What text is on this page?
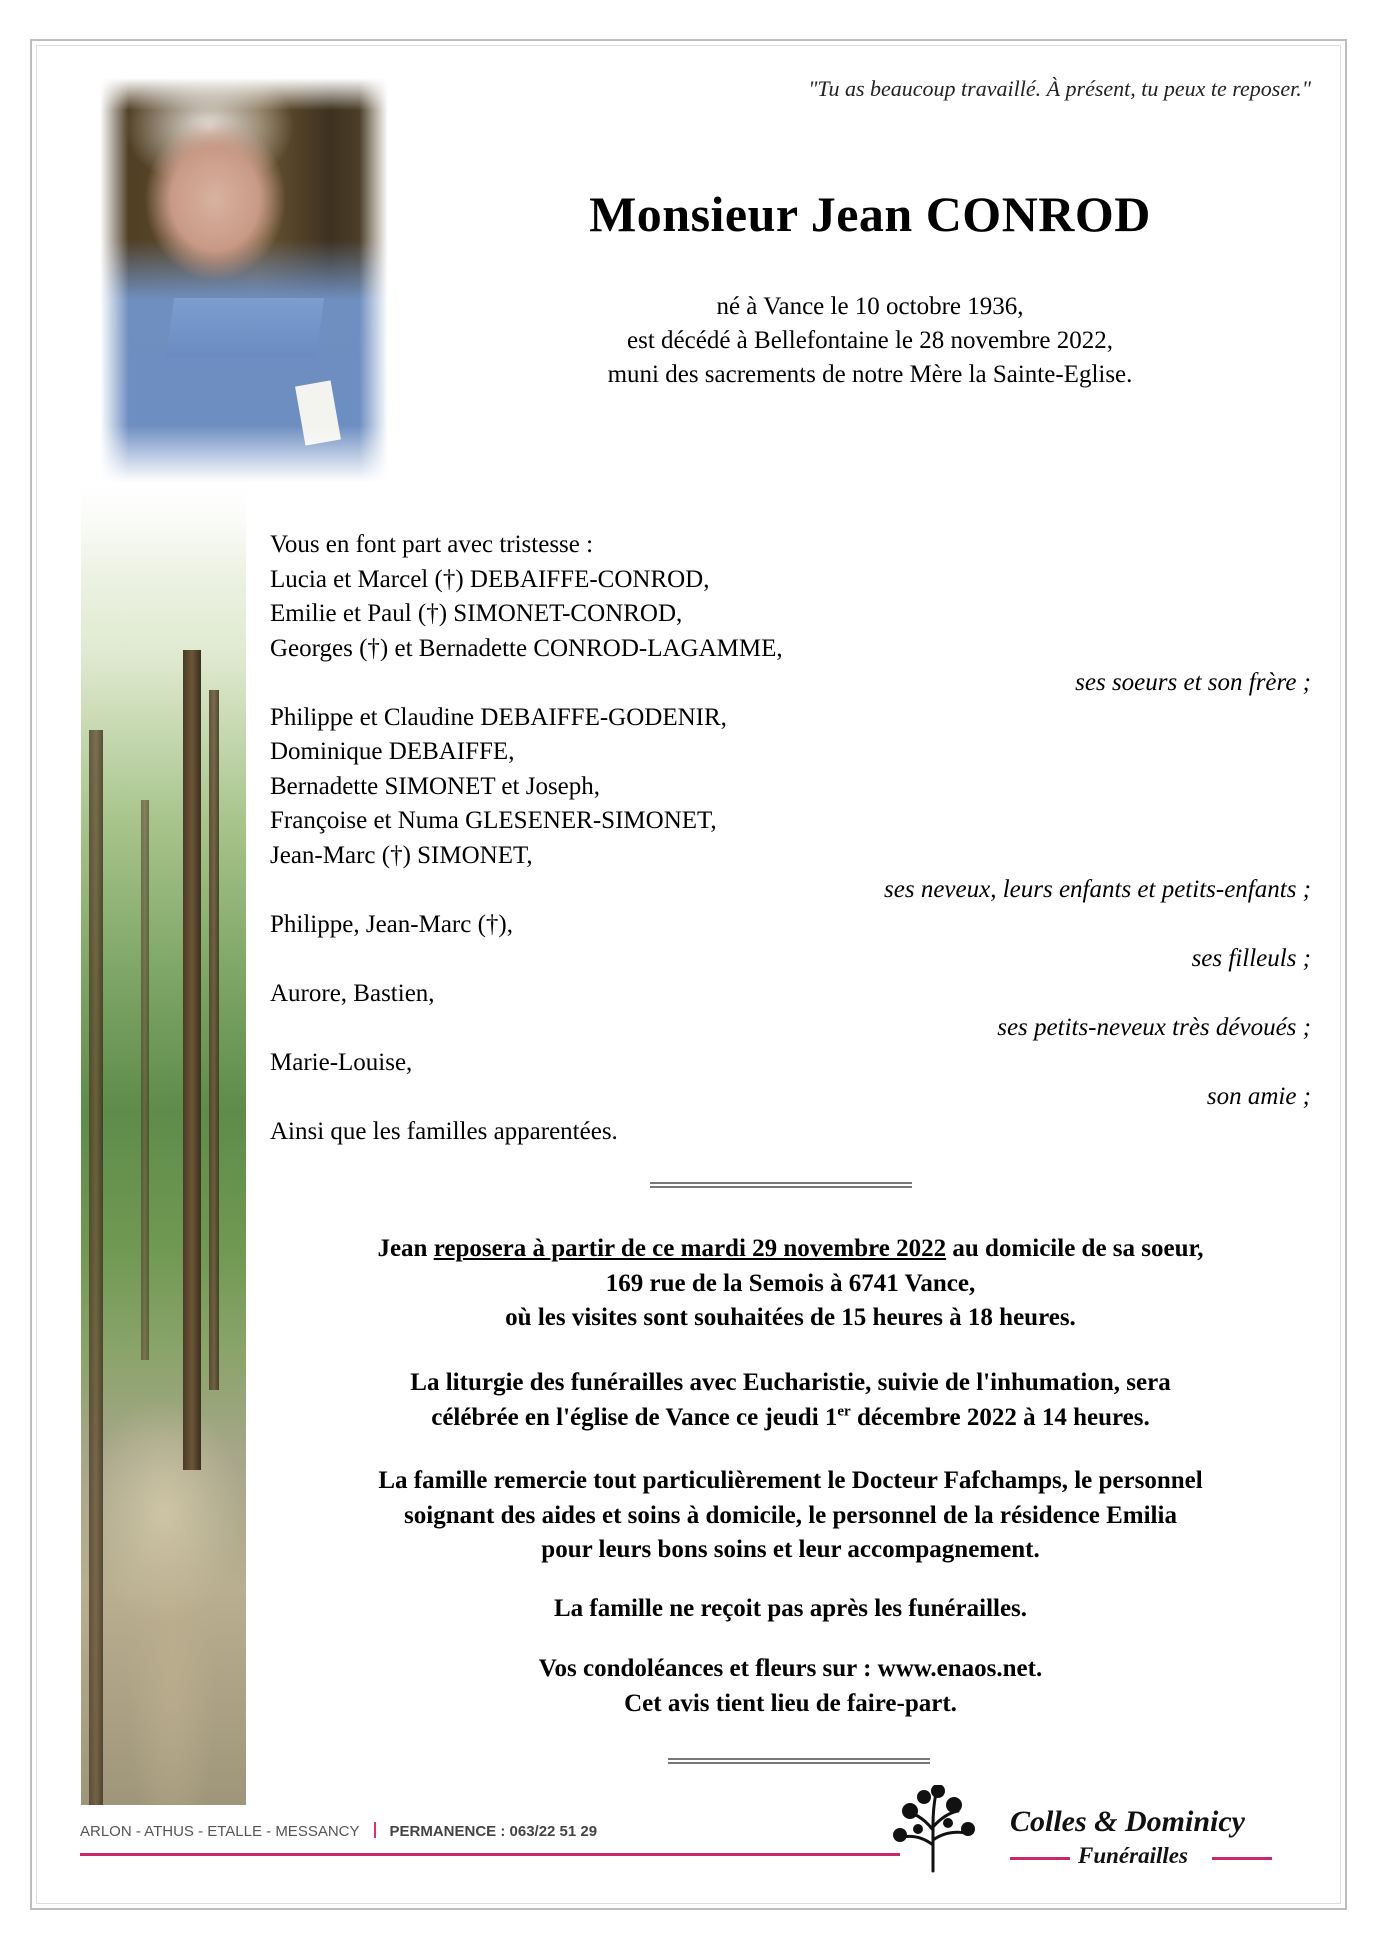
"Tu as beaucoup travaillé. À présent, tu peux te reposer."
Monsieur Jean CONROD
né à Vance le 10 octobre 1936,
est décédé à Bellefontaine le 28 novembre 2022,
muni des sacrements de notre Mère la Sainte-Eglise.
Vous en font part avec tristesse :
Lucia et Marcel (†) DEBAIFFE-CONROD,
Emilie et Paul (†) SIMONET-CONROD,
Georges (†) et Bernadette CONROD-LAGAMME,
ses soeurs et son frère ;
Philippe et Claudine DEBAIFFE-GODENIR,
Dominique DEBAIFFE,
Bernadette SIMONET et Joseph,
Françoise et Numa GLESENER-SIMONET,
Jean-Marc (†) SIMONET,
ses neveux, leurs enfants et petits-enfants ;
Philippe, Jean-Marc (†),
ses filleuls ;
Aurore, Bastien,
ses petits-neveux très dévoués ;
Marie-Louise,
son amie ;
Ainsi que les familles apparentées.
Jean reposera à partir de ce mardi 29 novembre 2022 au domicile de sa soeur,
169 rue de la Semois à 6741 Vance,
où les visites sont souhaitées de 15 heures à 18 heures.
La liturgie des funérailles avec Eucharistie, suivie de l'inhumation, sera
célébrée en l'église de Vance ce jeudi 1er décembre 2022 à 14 heures.
La famille remercie tout particulièrement le Docteur Fafchamps, le personnel
soignant des aides et soins à domicile, le personnel de la résidence Emilia
pour leurs bons soins et leur accompagnement.
La famille ne reçoit pas après les funérailles.
Vos condoléances et fleurs sur : www.enaos.net.
Cet avis tient lieu de faire-part.
ARLON - ATHUS - ETALLE - MESSANCY PERMANENCE : 063/22 51 29	Colles & Dominicy
Funérailles
